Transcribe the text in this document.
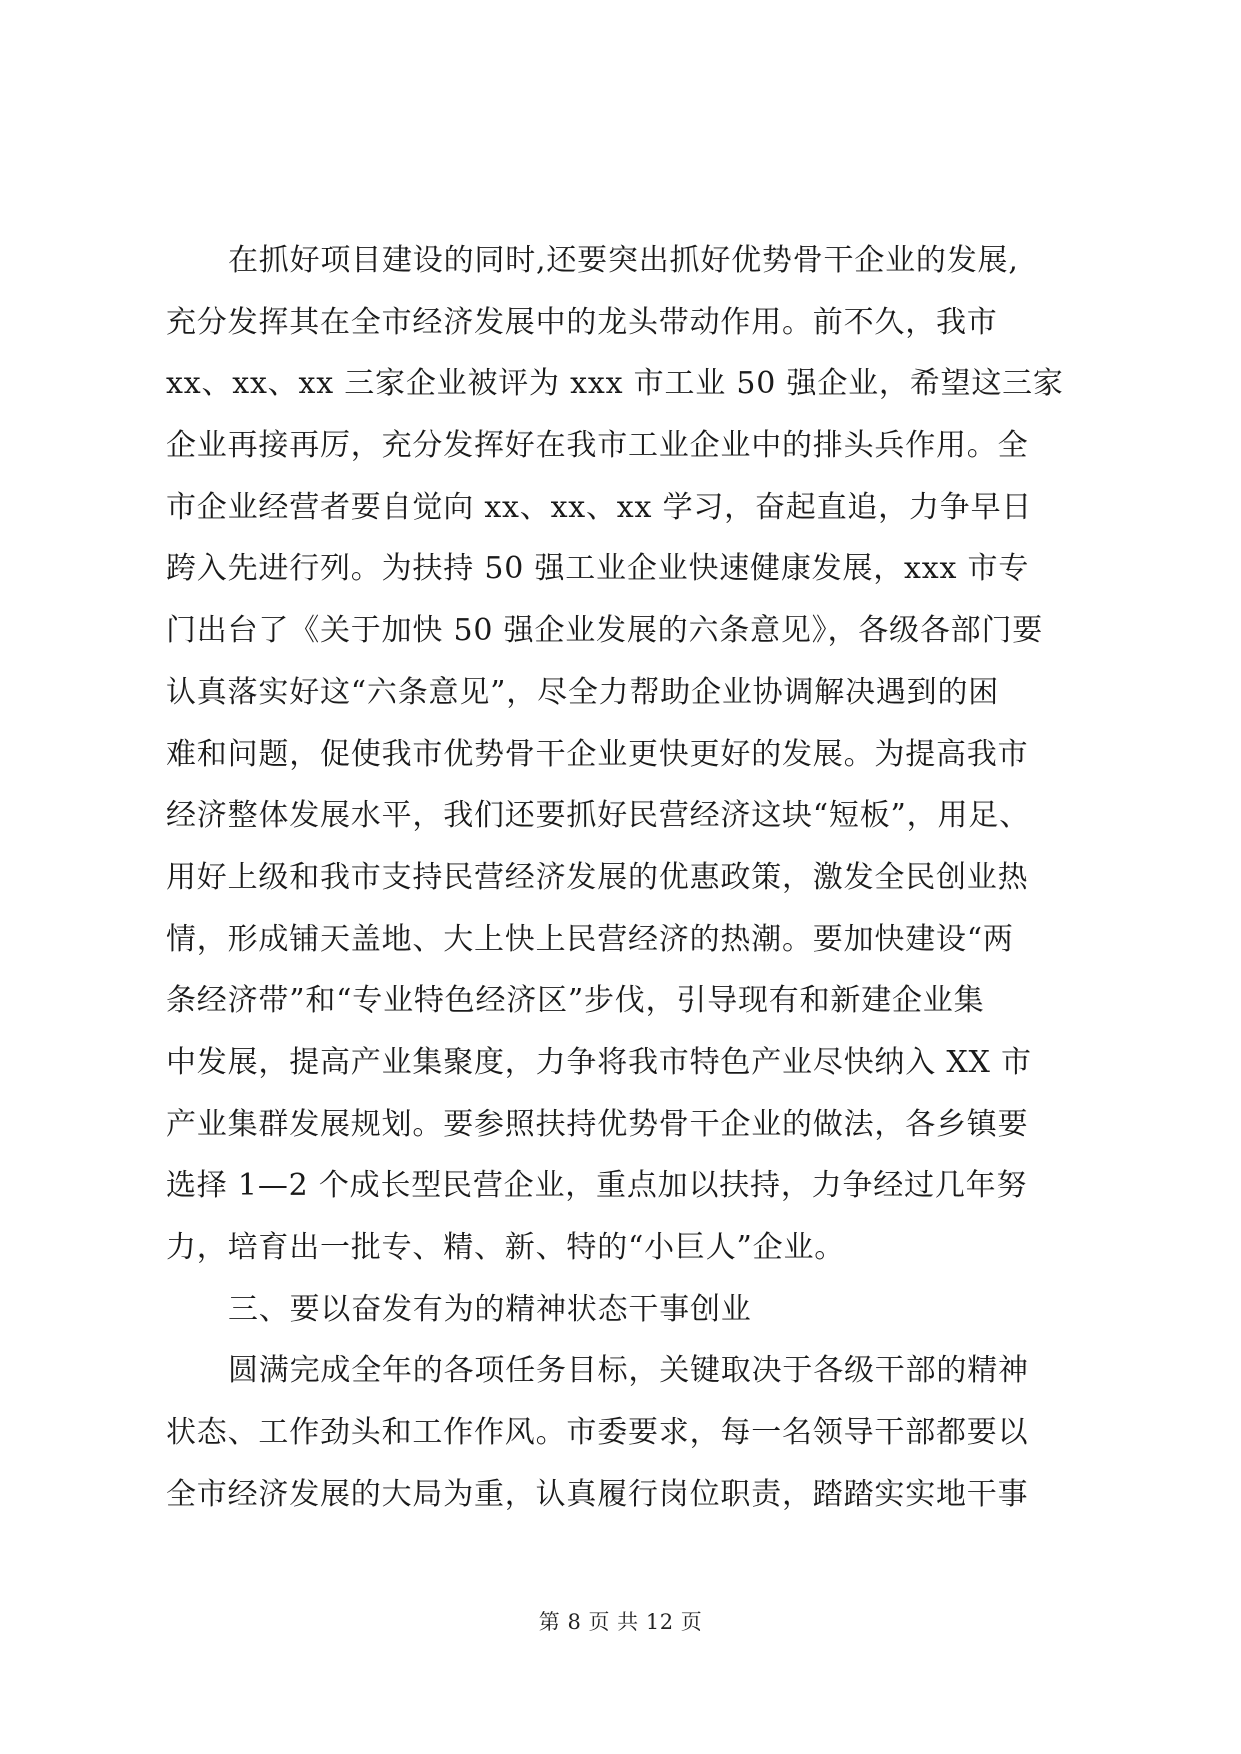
在抓好项目建设的同时,还要突出抓好优势骨干企业的发展,
充分发挥其在全市经济发展中的龙头带动作用。前不久，我市
xx、xx、xx 三家企业被评为 xxx 市工业 50 强企业，希望这三家
企业再接再厉，充分发挥好在我市工业企业中的排头兵作用。全
市企业经营者要自觉向 xx、xx、xx 学习，奋起直追，力争早日
跨入先进行列。为扶持 50 强工业企业快速健康发展，xxx 市专
门出台了《关于加快 50 强企业发展的六条意见》，各级各部门要
认真落实好这“六条意见”，尽全力帮助企业协调解决遇到的困
难和问题，促使我市优势骨干企业更快更好的发展。为提高我市
经济整体发展水平，我们还要抓好民营经济这块“短板”，用足、
用好上级和我市支持民营经济发展的优惠政策，激发全民创业热
情，形成铺天盖地、大上快上民营经济的热潮。要加快建设“两
条经济带”和“专业特色经济区”步伐，引导现有和新建企业集
中发展，提高产业集聚度，力争将我市特色产业尽快纳入 XX 市
产业集群发展规划。要参照扶持优势骨干企业的做法，各乡镇要
选择 1—2 个成长型民营企业，重点加以扶持，力争经过几年努
力，培育出一批专、精、新、特的“小巨人”企业。
三、要以奋发有为的精神状态干事创业
圆满完成全年的各项任务目标，关键取决于各级干部的精神
状态、工作劲头和工作作风。市委要求，每一名领导干部都要以
全市经济发展的大局为重，认真履行岗位职责，踏踏实实地干事
第 8 页 共 12 页
